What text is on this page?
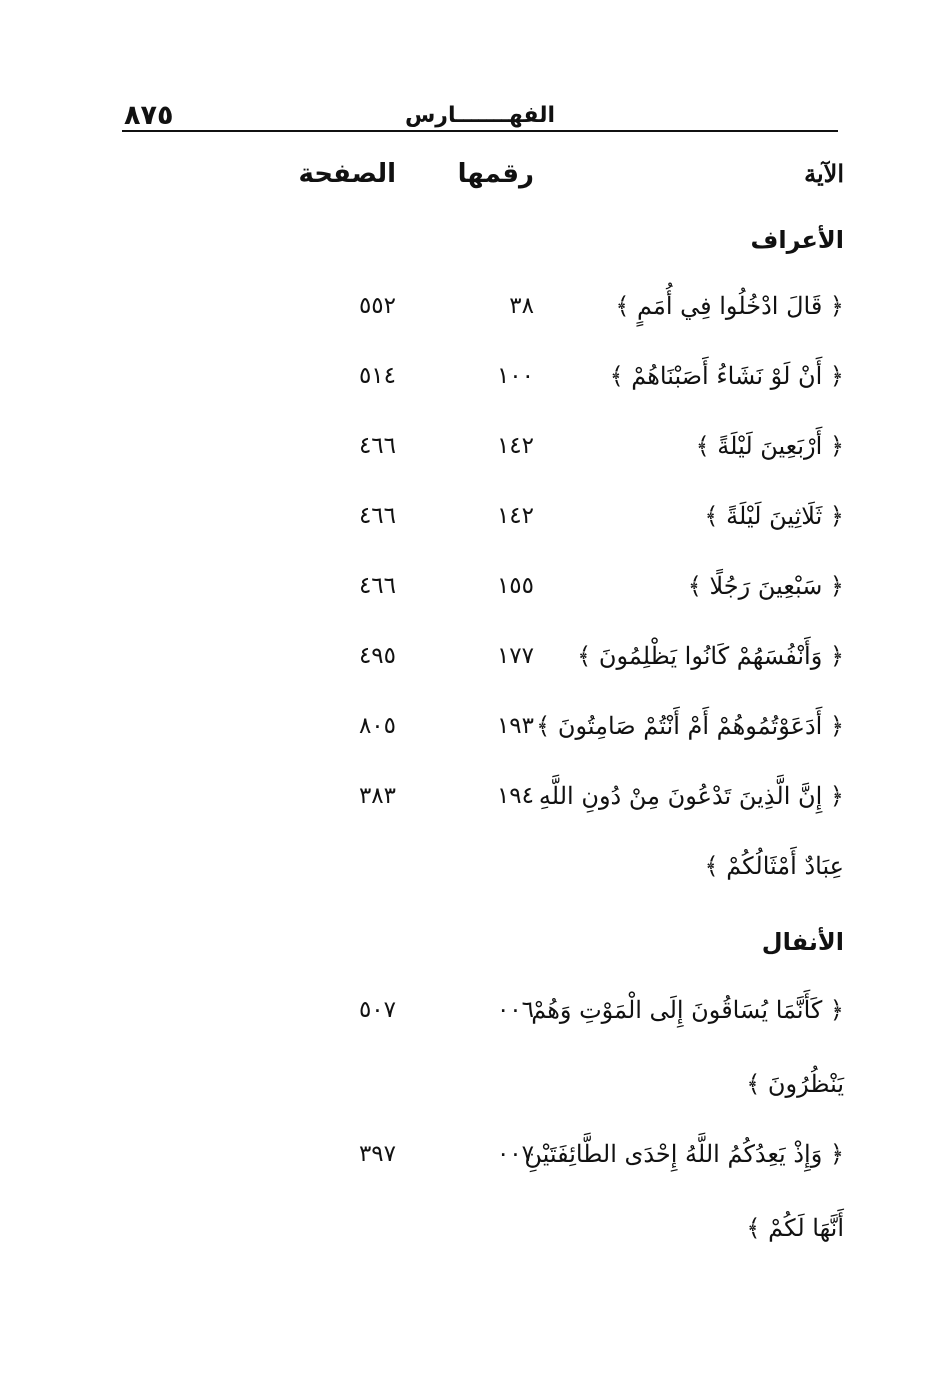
٨٧٥	الفهـــــــارس
الآية
رقمها
الصفحة
الأعراف
﴿ قَالَ ادْخُلُوا فِي أُمَمٍ ﴾
٣٨
٥٥٢
﴿ أَنْ لَوْ نَشَاءُ أَصَبْنَاهُمْ ﴾
١٠٠
٥١٤
﴿ أَرْبَعِينَ لَيْلَةً ﴾
١٤٢
٤٦٦
﴿ ثَلَاثِينَ لَيْلَةً ﴾
١٤٢
٤٦٦
﴿ سَبْعِينَ رَجُلًا ﴾
١٥٥
٤٦٦
﴿ وَأَنْفُسَهُمْ كَانُوا يَظْلِمُونَ ﴾
١٧٧
٤٩٥
﴿ أَدَعَوْتُمُوهُمْ أَمْ أَنْتُمْ صَامِتُونَ ﴾
١٩٣
٨٠٥
﴿ إِنَّ الَّذِينَ تَدْعُونَ مِنْ دُونِ اللَّهِ
عِبَادٌ أَمْثَالُكُمْ ﴾
١٩٤
٣٨٣
الأنفال
﴿ كَأَنَّمَا يُسَاقُونَ إِلَى الْمَوْتِ وَهُمْ
يَنْظُرُونَ ﴾
٠٠٦
٥٠٧
﴿ وَإِذْ يَعِدُكُمُ اللَّهُ إِحْدَى الطَّائِفَتَيْنِ
أَنَّهَا لَكُمْ ﴾
٠٠٧
٣٩٧
